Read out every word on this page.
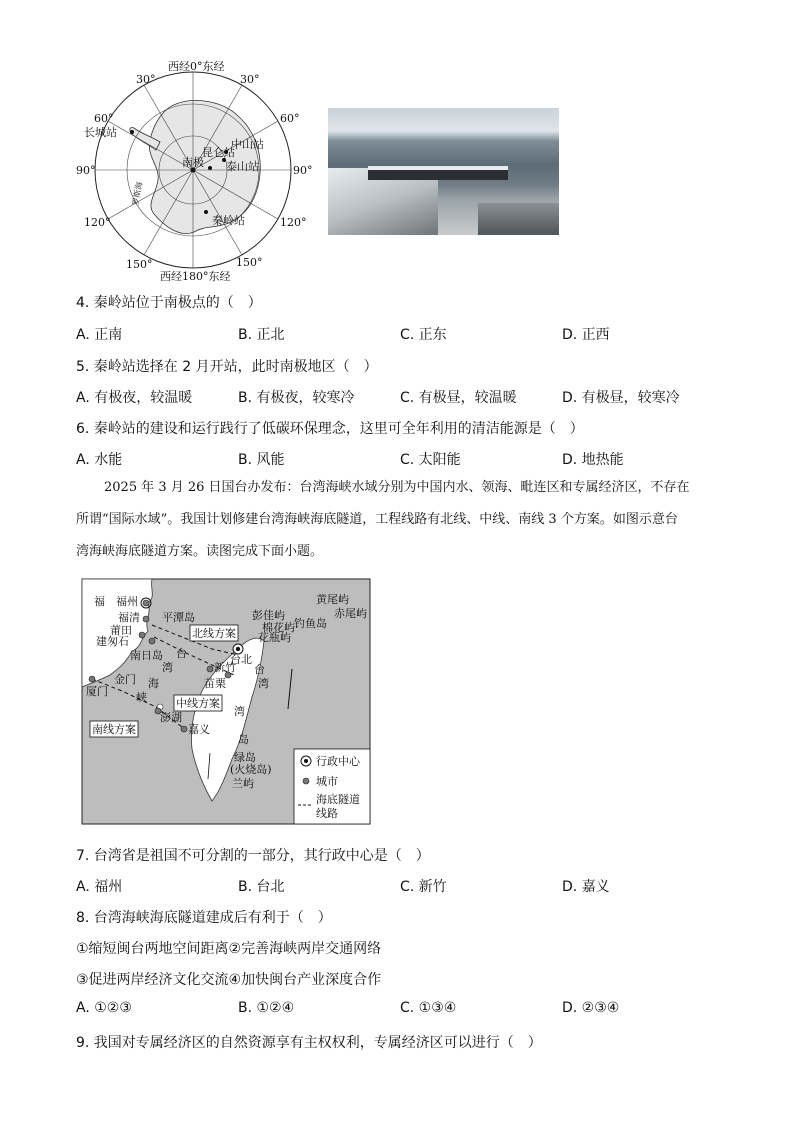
西经0°东经
西经180°东经
30°	30°
60°	60°
90°	90°
120°	120°
150°	150°
长城站
南极
昆仑站
中山站
泰山站
秦岭站
罗斯海
4. 秦岭站位于南极点的（　）
A. 正南	B. 正北	C. 正东	D. 正西
5. 秦岭站选择在 2 月开站，此时南极地区（　）
A. 有极夜，较温暖	B. 有极夜，较寒冷	C. 有极昼，较温暖	D. 有极昼，较寒冷
6. 秦岭站的建设和运行践行了低碳环保理念，这里可全年利用的清洁能源是（　）
A. 水能	B. 风能	C. 太阳能	D. 地热能
2025 年 3 月 26 日国台办发布：台湾海峡水域分别为中国内水、领海、毗连区和专属经济区，不存在
所谓“国际水域”。我国计划修建台湾海峡海底隧道，工程线路有北线、中线、南线 3 个方案。如图示意台
湾海峡海底隧道方案。读图完成下面小题。
福 福州
福清
莆田
建匆石
平潭岛
南日岛 台
湾
海
峡
厦门
金门
澎湖
北线方案
中线方案
南线方案
台北
新竹
苗栗
嘉义
彭佳屿
棉花屿
花瓶屿
钓鱼岛
黄尾屿
赤尾屿
台
湾
湾
岛
绿岛
(火烧岛)
兰屿
行政中心
城市
海底隧道
线路
7. 台湾省是祖国不可分割的一部分，其行政中心是（　）
A. 福州	B. 台北	C. 新竹	D. 嘉义
8. 台湾海峡海底隧道建成后有利于（　）
①缩短闽台两地空间距离②完善海峡两岸交通网络
③促进两岸经济文化交流④加快闽台产业深度合作
A. ①②③	B. ①②④	C. ①③④	D. ②③④
9. 我国对专属经济区的自然资源享有主权权利，专属经济区可以进行（　）
